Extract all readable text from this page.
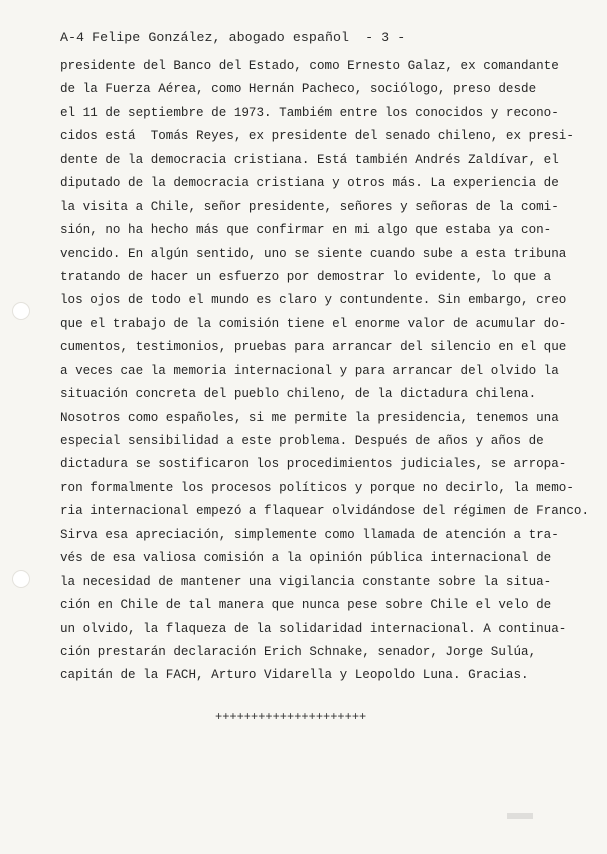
A-4 Felipe González, abogado español  - 3 -
presidente del Banco del Estado, como Ernesto Galaz, ex comandante
de la Fuerza Aérea, como Hernán Pacheco, sociólogo, preso desde
el 11 de septiembre de 1973. Tambiém entre los conocidos y recono-
cidos está  Tomás Reyes, ex presidente del senado chileno, ex presi-
dente de la democracia cristiana. Está también Andrés Zaldívar, el
diputado de la democracia cristiana y otros más. La experiencia de
la visita a Chile, señor presidente, señores y señoras de la comi-
sión, no ha hecho más que confirmar en mi algo que estaba ya con-
vencido. En algún sentido, uno se siente cuando sube a esta tribuna
tratando de hacer un esfuerzo por demostrar lo evidente, lo que a
los ojos de todo el mundo es claro y contundente. Sin embargo, creo
que el trabajo de la comisión tiene el enorme valor de acumular do-
cumentos, testimonios, pruebas para arrancar del silencio en el que
a veces cae la memoria internacional y para arrancar del olvido la
situación concreta del pueblo chileno, de la dictadura chilena.
Nosotros como españoles, si me permite la presidencia, tenemos una
especial sensibilidad a este problema. Después de años y años de
dictadura se sostificaron los procedimientos judiciales, se arropa-
ron formalmente los procesos políticos y porque no decirlo, la memo-
ria internacional empezó a flaquear olvidándose del régimen de Franco.
Sirva esa apreciación, simplemente como llamada de atención a tra-
vés de esa valiosa comisión a la opinión pública internacional de
la necesidad de mantener una vigilancia constante sobre la situa-
ción en Chile de tal manera que nunca pese sobre Chile el velo de
un olvido, la flaqueza de la solidaridad internacional. A continua-
ción prestarán declaración Erich Schnake, senador, Jorge Sulúa,
capitán de la FACH, Arturo Vidarella y Leopoldo Luna. Gracias.
+++++++++++++++++++++
